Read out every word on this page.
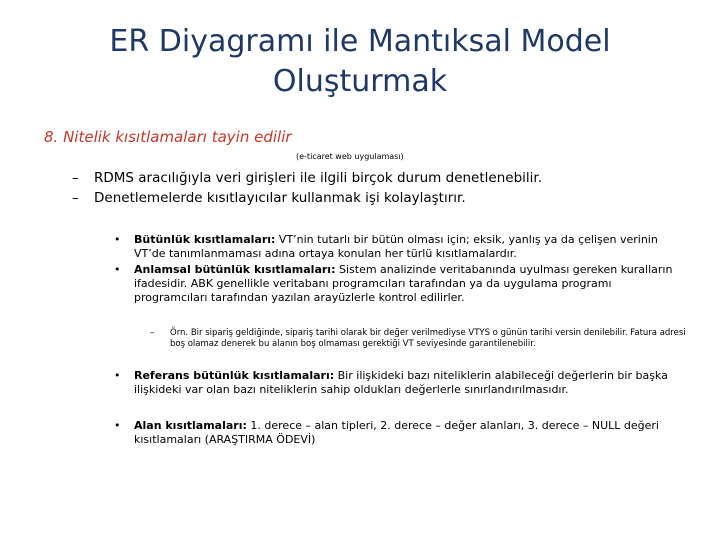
ER Diyagramı ile Mantıksal Model
Oluşturmak
8. Nitelik kısıtlamaları tayin edilir
(e-ticaret web uygulaması)
– RDMS aracılığıyla veri girişleri ile ilgili birçok durum denetlenebilir.
– Denetlemelerde kısıtlayıcılar kullanmak işi kolaylaştırır.
• Bütünlük kısıtlamaları: VT’nin tutarlı bir bütün olması için; eksik, yanlış ya da çelişen verinin VT’de tanımlanmaması adına ortaya konulan her türlü kısıtlamalardır.
• Anlamsal bütünlük kısıtlamaları: Sistem analizinde veritabanında uyulması gereken kuralların ifadesidir. ABK genellikle veritabanı programcıları tarafından ya da uygulama programı programcıları tarafından yazılan arayüzlerle kontrol edilirler.
– Örn. Bir sipariş geldiğinde, sipariş tarihi olarak bir değer verilmediyse VTYS o günün tarihi versin denilebilir. Fatura adresi boş olamaz denerek bu alanın boş olmaması gerektiği VT seviyesinde garantilenebilir.
• Referans bütünlük kısıtlamaları: Bir ilişkideki bazı niteliklerin alabileceği değerlerin bir başka ilişkideki var olan bazı niteliklerin sahip oldukları değerlerle sınırlandırılmasıdır.
• Alan kısıtlamaları: 1. derece – alan tipleri, 2. derece – değer alanları, 3. derece – NULL değeri kısıtlamaları (ARAŞTIRMA ÖDEVİ)
